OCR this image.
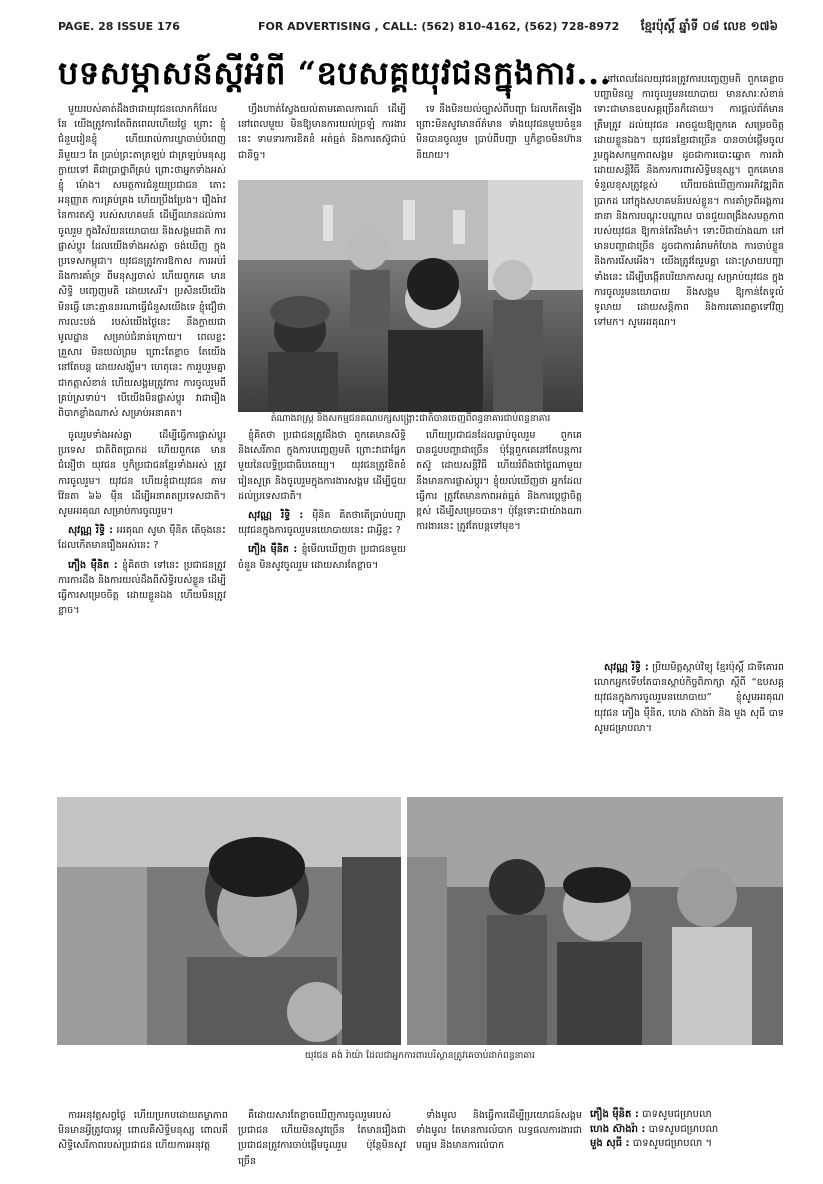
PAGE. 28 ISSUE 176	FOR ADVERTISING , CALL: (562) 810-4162, (562) 728-8972 ខ្មែរប៉ុស្ដិ៍ ឆ្នាំទី ០៨ លេខ ១៧៦
បទសម្ភាសន៍ស្ដីអំពី “ឧបសគ្គយុវជនក្នុងការ...

មួយរបស់គាត់ដឹងថាជាយុវជនលោកក៏ដែល នែ យើងត្រូវការតែពិតពេលហើយថ្ងៃ ព្រោះ ខ្ញុំជំនួបរៀនខ្ញុំ ហើយរាល់ការឃ្លាចាប់បំពេញនិមួយៗ តែ ប្រាប់ព្រះតាត្រឡប់ ជាត្រឡប់មនុស្សក្លាយទៅ គឺជាប្រាថ្នាពីគ្រប់ ព្រោះថាអ្នកទាំងអស់ ខ្ញុំ ម៉ោង។ សមត្ថការជំនួយប្រជាជន តោះអនុញ្ញាត ការគ្រប់គ្រង ហើយប្រឹងប្រែង។ រឿងរ៉ាវ នៃការតស៊ូ របស់សហគមន៍ ដើម្បីឈានដល់ការចូលរួម ក្នុងវិស័យនយោបាយ និងសង្គមជាតិ ការផ្លាស់ប្ដូរ ដែលយើងទាំងអស់គ្នា ចង់ឃើញ ក្នុងប្រទេសកម្ពុជា។ យុវជនត្រូវការឱកាស ការអប់រំ និងការគាំទ្រ ពីមនុស្សចាស់ ហើយពួកគេ មានសិទ្ធិ បញ្ចេញមតិ ដោយសេរី។ ប្រសិនបើយើងមិនធ្វើ នោះគ្មាននរណាធ្វើជំនួសយើងទេ ខ្ញុំជឿថា ការលះបង់ របស់យើងថ្ងៃនេះ នឹងក្លាយជាមូលដ្ឋាន សម្រាប់ជំនាន់ក្រោយ។ ពេលខ្លះ គ្រួសារ មិនយល់ព្រម ព្រោះតែខ្លាច តែយើងនៅតែបន្ត ដោយសង្ឃឹម។ ហេតុនេះ ការរួបរួមគ្នា ជាកត្តាសំខាន់ ហើយសង្គមត្រូវការ ការចូលរួមពីគ្រប់ស្រទាប់។ បើយើងមិនផ្លាស់ប្ដូរ វាជារឿងពិបាកខ្លាំងណាស់ សម្រាប់អនាគត។

ហ្វឹងហាត់ស្វែងយល់តាមគោលការណ៍ ដើម្បីនៅពេលមួយ មិនឱ្យមានការយល់ច្រឡំ ការងារនេះ ទាមទារការខិតខំ អត់ធ្មត់ និងការតស៊ូជាប់ជានិច្ច។

ទេ នឹងមិនយល់ច្បាស់ពីបញ្ហា ដែលកើតឡើង ព្រោះមិនសូវមានព័ត៌មាន ទាំងយុវជនមួយចំនួនមិនបានចូលរួម ប្រាប់ពីបញ្ហា ឬក៏ខ្លាចមិនហ៊ាននិយាយ។

នៅពេលដែលយុវជនត្រូវការបញ្ចេញមតិ ពួកគេខ្លាចបញ្ហាមិនល្អ ការចូលរួមនយោបាយ មានសារៈសំខាន់ ទោះជាមានឧបសគ្គច្រើនក៏ដោយ។ ការផ្ដល់ព័ត៌មានត្រឹមត្រូវ ដល់យុវជន អាចជួយឱ្យពួកគេ សម្រេចចិត្ត ដោយខ្លួនឯង។ យុវជនខ្មែរជាច្រើន បានចាប់ផ្ដើមចូលរួមក្នុងសកម្មភាពសង្គម ដូចជាការបោះឆ្នោត ការតវ៉ា ដោយសន្តិវិធី និងការការពារសិទ្ធិមនុស្ស។ ពួកគេមានទំនួលខុសត្រូវខ្ពស់ ហើយចង់ឃើញការអភិវឌ្ឍពិតប្រាកដ នៅក្នុងសហគមន៍របស់ខ្លួន។ ការគាំទ្រពីអង្គការនានា និងការបណ្ដុះបណ្ដាល បានជួយពង្រឹងសមត្ថភាពរបស់យុវជន ឱ្យកាន់តែរឹងមាំ។ ទោះបីជាយ៉ាងណា នៅមានបញ្ហាជាច្រើន ដូចជាការគំរាមកំហែង ការចាប់ខ្លួន និងការរើសអើង។ យើងត្រូវតែរួមគ្នា ដោះស្រាយបញ្ហាទាំងនេះ ដើម្បីបង្កើតបរិយាកាសល្អ សម្រាប់យុវជន ក្នុងការចូលរួមនយោបាយ និងសង្គម ឱ្យកាន់តែទូលំទូលាយ ដោយសន្តិភាព និងការគោរពគ្នាទៅវិញទៅមក។ សូមអរគុណ។

តំណាងរាស្ត្រ និងសកម្មជនគណបក្សសង្គ្រោះជាតិបានចេញពីពន្ធនាគារជាប់ពន្ធនាគារ

ចូលរួមទាំងអស់គ្នា ដើម្បីធ្វើការផ្លាស់ប្ដូរប្រទេស ជាតិពិតប្រាកដ ហើយពួកគេ មានជំនឿថា យុវជន ឬក៏ប្រជាជនខ្មែរទាំងអស់ ត្រូវការចូលរួម។ យុវជន ហើយខ្ញុំជាយុវជន តាមវ៉ែនតា ៦៦ ម៉ឺន ដើម្បីអនាគតប្រទេសជាតិ។ សូមអរគុណ សម្រាប់ការចូលរួម។

សុវណ្ណ រិទ្ធិ : អរគុណ សូមា ម៉ឺនិត តើចុងនេះ ដែលកើតមានរឿងអស់នេះ ?

ភឿង ម៉ឺនិត : ខ្ញុំគិតថា ទៅនេះ ប្រជាជនត្រូវការការដឹង និងការយល់ដឹងពីសិទ្ធិរបស់ខ្លួន ដើម្បីធ្វើការសម្រេចចិត្ត ដោយខ្លួនឯង ហើយមិនត្រូវខ្លាច។

ខ្ញុំគិតថា ប្រជាជនត្រូវដឹងថា ពួកគេមានសិទ្ធិ និងសេរីភាព ក្នុងការបញ្ចេញមតិ ព្រោះវាជាផ្នែកមួយនៃលទ្ធិប្រជាធិបតេយ្យ។ យុវជនត្រូវខិតខំ រៀនសូត្រ និងចូលរួមក្នុងការងារសង្គម ដើម្បីជួយដល់ប្រទេសជាតិ។

សុវណ្ណ រិទ្ធិ : ម៉ឺនិត គិតថាតើប្រាប់បញ្ហា យុវជនក្នុងការចូលរួមនយោបាយនេះ ជាអ្វីខ្លះ ?

ភឿង ម៉ឺនិត : ខ្ញុំមើលឃើញថា ប្រជាជនមួយចំនួន មិនសូវចូលរួម ដោយសារតែខ្លាច។

ហើយប្រជាជនដែលធ្លាប់ចូលរួម ពួកគេបានជួបបញ្ហាជាច្រើន ប៉ុន្តែពួកគេនៅតែបន្តការតស៊ូ ដោយសន្តិវិធី ហើយរំពឹងថាថ្ងៃណាមួយ នឹងមានការផ្លាស់ប្ដូរ។ ខ្ញុំយល់ឃើញថា អ្នកដែលធ្វើការ ត្រូវតែមានភាពអត់ធ្មត់ និងការប្ដេជ្ញាចិត្តខ្ពស់ ដើម្បីសម្រេចបាន។ ប៉ុន្តែទោះជាយ៉ាងណា ការងារនេះ ត្រូវតែបន្តទៅមុខ។

សុវណ្ណ រិទ្ធិ : ប្រិយមិត្តស្ដាប់វិទ្យុ ខ្មែរប៉ុស្ដិ៍ ជាទីគោរព លោកអ្នកទើបតែបានស្ដាប់កិច្ចពិភាក្សា ស្ដីពី “ឧបសគ្គយុវជនក្នុងការចូលរួមនយោបាយ” ខ្ញុំសូមអរគុណ យុវជន ភឿង ម៉ឺនិត, ហេង ស៊ាងរ៉ា និង មួង សុធី បាទ សូមជម្រាបលា។

យុវជន គង់ រ៉ាយ៉ា ដែលជាអ្នកការពារបរិស្ថានត្រូវគេចាប់ដាក់ពន្ធនាគារ

ការអនុវត្តសព្វថ្ងៃ ហើយប្រកបដោយតម្លាភាព មិនមានអ្វីត្រូវបារម្ភ ពោលគឺសិទ្ធិមនុស្ស ពោលគឺសិទ្ធិសេរីភាពរបស់ប្រជាជន ហើយការអនុវត្ត

គឺដោយសារតែខ្លាចឃើញការចូលរួមរបស់ប្រជាជន ហើយមិនសូវច្រើន តែមានរឿងជា ប្រជាជនត្រូវការចាប់ផ្ដើមចូលរួម ប៉ុន្តែមិនសូវច្រើន

ទាំងមូល និងធ្វើការដើម្បីប្រយោជន៍សង្គមទាំងមូល តែមានការលំបាក លទ្ធផលការងារជាមធ្យម និងមានការលំបាក

ភឿង ម៉ឺនិត : បាទសូមជម្រាបលា
ហេង ស៊ាងរ៉ា : បាទសូមជម្រាបលា
មួង សុធី : បាទសូមជម្រាបលា ។
